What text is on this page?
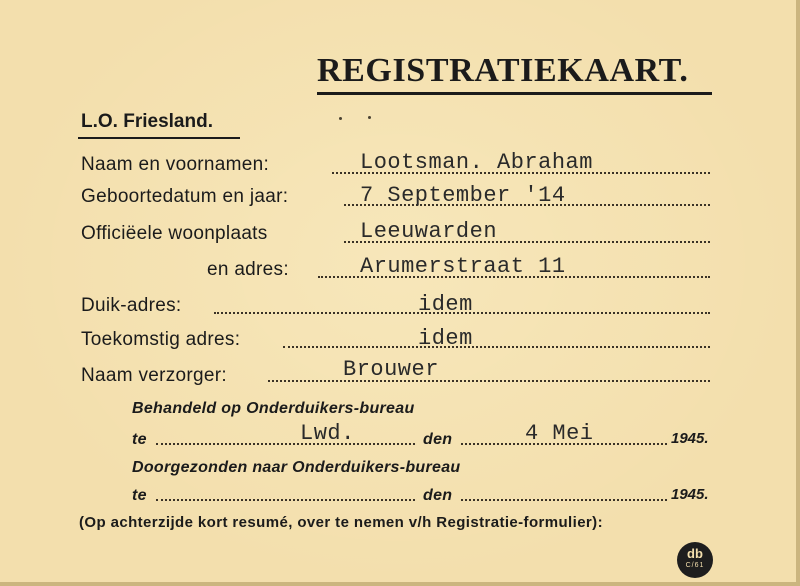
REGISTRATIEKAART.
L.O. Friesland.
Naam en voornamen:	Lootsman. Abraham
Geboortedatum en jaar:	7 September '14
Officiëele woonplaats	Leeuwarden
en adres:	Arumerstraat 11
Duik-adres:	idem
Toekomstig adres:	idem
Naam verzorger:	Brouwer
Behandeld op Onderduikers-bureau
te	Lwd.	den	4 Mei	1945.
Doorgezonden naar Onderduikers-bureau
te	den	1945.
(Op achterzijde kort resumé, over te nemen v/h Registratie-formulier):
db
C/61
